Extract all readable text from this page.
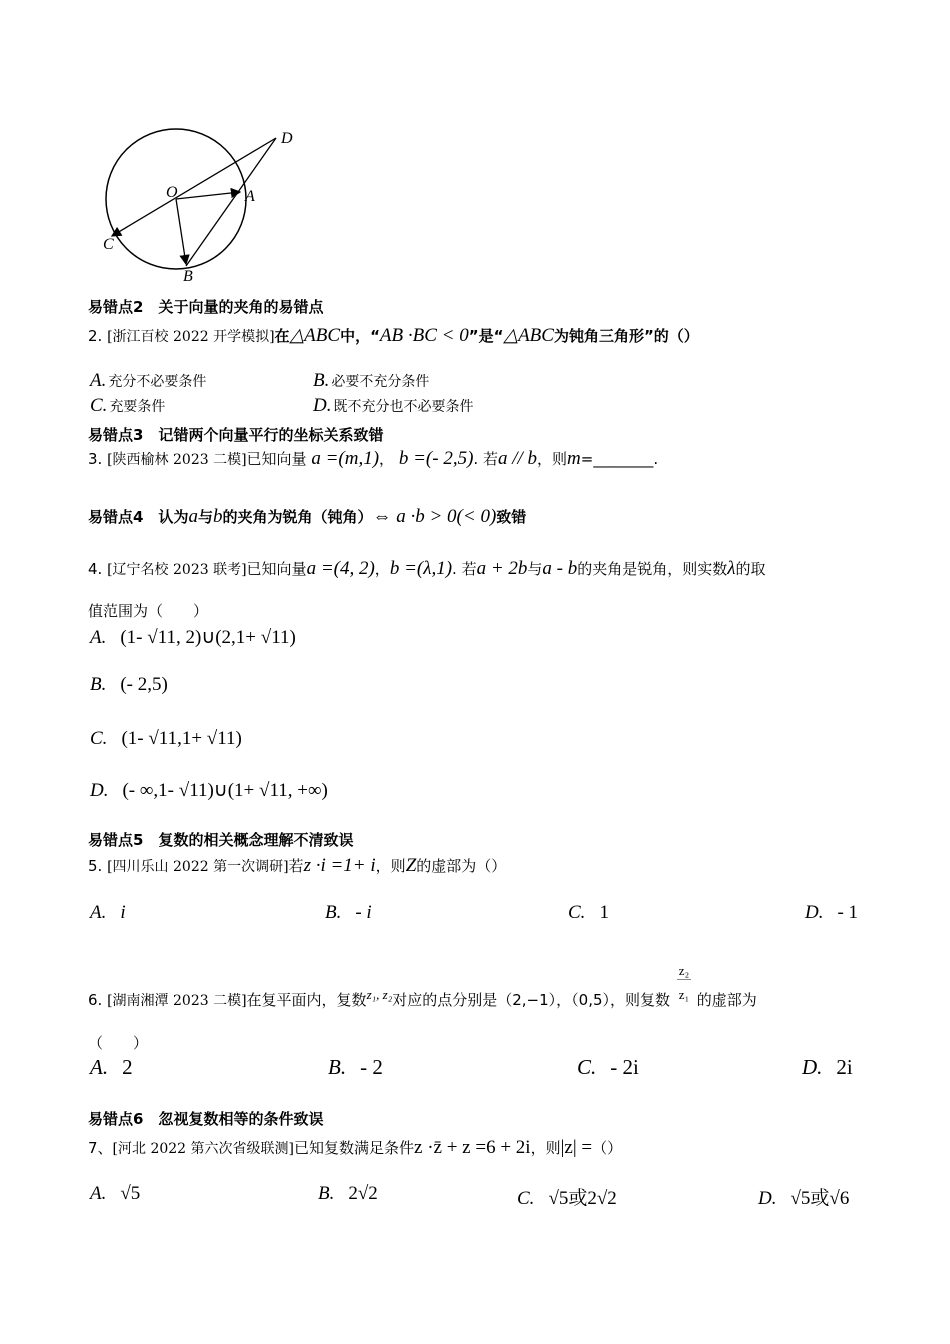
O
D
A
C
B
易错点2　关于向量的夹角的易错点
2. [浙江百校 2022 开学模拟]在△ABC中，“AB ·BC < 0”是“△ABC为钝角三角形”的（）
A. 充分不必要条件	B. 必要不充分条件
C. 充要条件	D. 既不充分也不必要条件
易错点3　记错两个向量平行的坐标关系致错
3. [陕西榆林 2023 二模]已知向量 a =(m,1)， b =(- 2,5). 若a // b，则m=________.
易错点4　认为a与b的夹角为锐角（钝角）⇔ a ·b > 0(< 0)致错
4. [辽宁名校 2023 联考]已知向量a =(4, 2)，b =(λ,1). 若a + 2b与a - b的夹角是锐角，则实数λ的取
值范围为（　　）
A. (1- √11, 2)∪(2,1+ √11)
B. (- 2,5)
C. (1- √11,1+ √11)
D. (- ∞,1- √11)∪(1+ √11, +∞)
易错点5　复数的相关概念理解不清致误
5. [四川乐山 2022 第一次调研]若z ·i =1+ i，则Z的虚部为（）
A. i	B. - i	C. 1	D. - 1
6. [湖南湘潭 2023 二模]在复平面内，复数z₁, z₂对应的点分别是（2,−1），（0,5），则复数 $\frac{\text{z₂}}{\text{z₁}}$ 的虚部为
（　　）
A. 2	B. - 2	C. - 2i	D. 2i
易错点6　忽视复数相等的条件致误
7、[河北 2022 第六次省级联测]已知复数满足条件z ·z̄ + z =6 + 2i，则|z| =（）
A. √5	B. 2√2	C. √5或2√2	D. √5或√6
